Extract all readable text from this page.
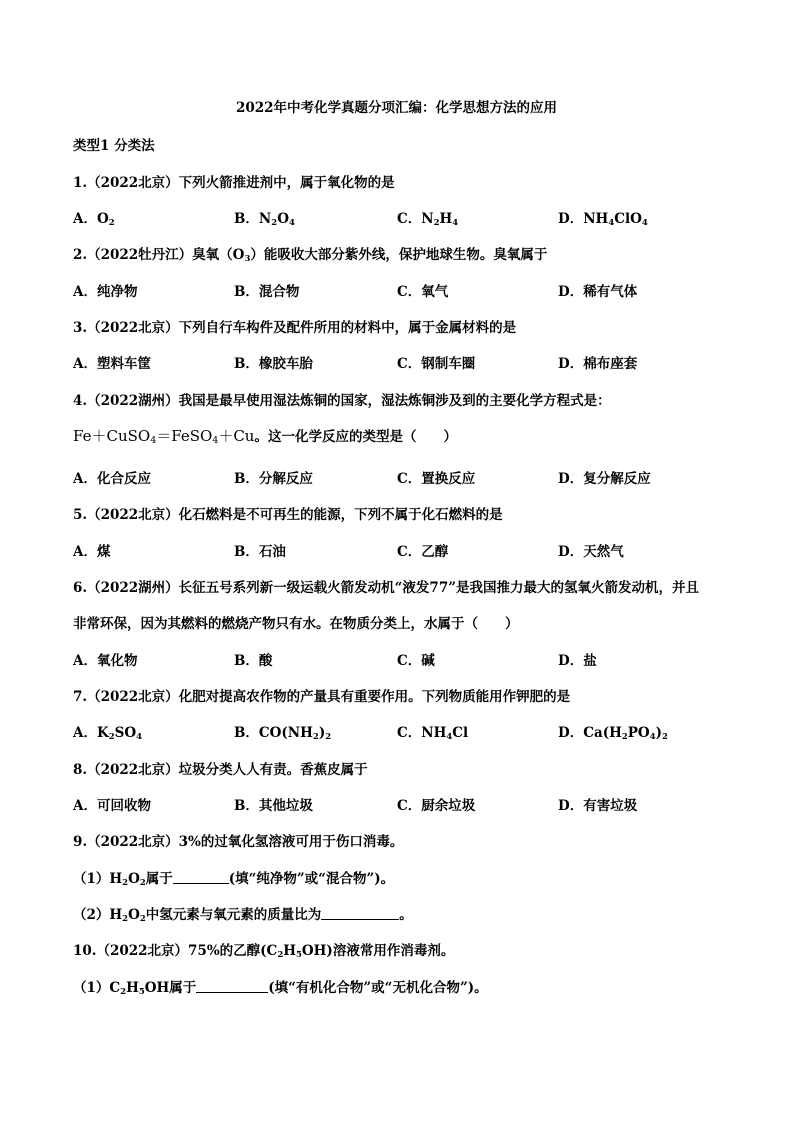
2022年中考化学真题分项汇编：化学思想方法的应用
类型1 分类法
1.（2022北京）下列火箭推进剂中，属于氧化物的是
A．$O_2$	B．$N_2O_4$	C．$N_2H_4$	D．$NH_4ClO_4$
2.（2022牡丹江）臭氧$(O_3)$能吸收大部分紫外线，保护地球生物。臭氧属于
A．纯净物	B．混合物	C．氧气	D．稀有气体
3.（2022北京）下列自行车构件及配件所用的材料中，属于金属材料的是
A．塑料车筐	B．橡胶车胎	C．钢制车圈	D．棉布座套
4.（2022湖州）我国是最早使用湿法炼铜的国家，湿法炼铜涉及到的主要化学方程式是：
Fe＋CuSO$_4$＝FeSO$_4$＋Cu。这一化学反应的类型是（　　）
A．化合反应	B．分解反应	C．置换反应	D．复分解反应
5.（2022北京）化石燃料是不可再生的能源，下列不属于化石燃料的是
A．煤	B．石油	C．乙醇	D．天然气
6.（2022湖州）长征五号系列新一级运载火箭发动机“液发77”是我国推力最大的氢氧火箭发动机，并且
非常环保，因为其燃料的燃烧产物只有水。在物质分类上，水属于（　　）
A．氧化物	B．酸	C．碱	D．盐
7.（2022北京）化肥对提高农作物的产量具有重要作用。下列物质能用作钾肥的是
A．$K_2SO_4$	B．$CO(NH_2)_2$	C．$NH_4Cl$	D．$Ca(H_2PO_4)_2$
8.（2022北京）垃圾分类人人有责。香蕉皮属于
A．可回收物	B．其他垃圾	C．厨余垃圾	D．有害垃圾
9.（2022北京）3%的过氧化氢溶液可用于伤口消毒。
$(1)H_2O_2$属于	(填“纯净物”或“混合物”)。
$(2)H_2O_2$中氢元素与氧元素的质量比为	。
10.（2022北京）75%的乙醇$(C_2H_5OH)$溶液常用作消毒剂。
$(1)C_2H_5OH$属于	(填“有机化合物”或“无机化合物”)。
